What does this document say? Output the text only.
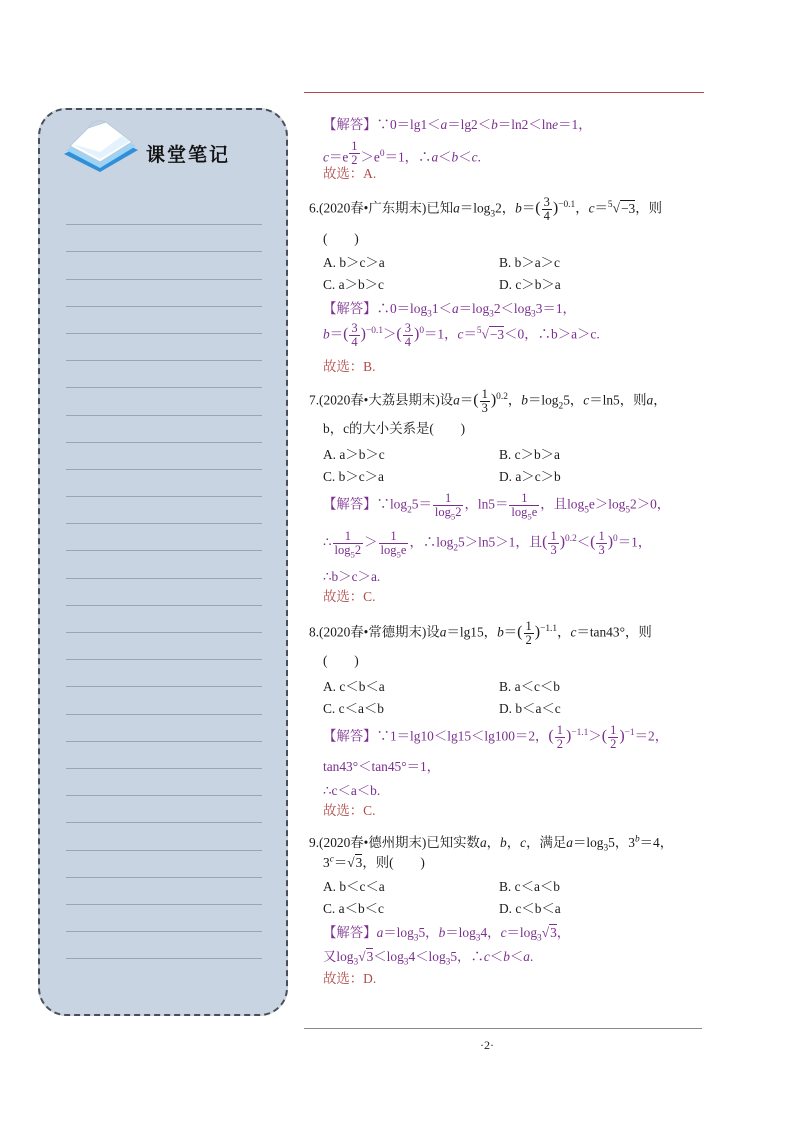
课堂笔记
【解答】∵0＝lg1＜a＝lg2＜b＝ln2＜lne＝1，
c＝e $^{\frac{1}{2}} >e^0=1$，∴a＜b＜c.
故选：A.
6.(2020春•广东期末)已知$a=\log_32$，$b=( \frac{3}{4} )^{-0.1}$，c＝$^5$√−3，则
(　　)
A. b＞c＞a	B. b＞a＞c
C. a＞b＞c	D. c＞b＞a
【解答】$\therefore 0=\log_31<a=\log_32<\log_33=1$，
$b=( \frac{3}{4} )^{-0.1}>( \frac{3}{4} )^0=1$，c＝$^5$√−3＜0，∴b＞a＞c.
故选：B.
7.(2020春•大荔县期末)设$a=( \frac{1}{3} )^{0.2}$，$b=\log_25$，c＝ln5，则a，
b，c的大小关系是(　　)
A. a＞b＞c	B. c＞b＞a
C. b＞c＞a	D. a＞c＞b
【解答】$\because\log_25= \frac{1}{\log_52}$ ，$\ln 5= \frac{1}{\log_5e}$ ，且$\log_5e>\log_52>0$，
∴ $\frac{1}{\log_52} > \frac{1}{\log_5e}$ ，$\therefore\log_25>\ln 5>1$，且( $\frac{1}{3} )^{0.2}<( \frac{1}{3} )^0=1$，
∴b＞c＞a.
故选：C.
8.(2020春•常德期末)设a＝lg15，$b=( \frac{1}{2} )^{-1.1}$，c＝tan43°，则
(　　)
A. c＜b＜a	B. a＜c＜b
C. c＜a＜b	D. b＜a＜c
【解答】∵1＝lg10＜lg15＜lg100＝2，( $\frac{1}{2} )^{-1.1}>( \frac{1}{2} )^{-1}=2$，
tan43°＜tan45°＝1，
∴c＜a＜b.
故选：C.
9.(2020春•德州期末)已知实数a，b，c，满足$a=\log_35$，$3^b=4$，
$3^c=√3$，则(　　)
A. b＜c＜a	B. c＜a＜b
C. a＜b＜c	D. c＜b＜a
【解答】$a=\log_35$，$b=\log_34$，$c=\log_3√3$，
又$\log_3√3<\log_34<\log_35$，∴c＜b＜a.
故选：D.
·2·
